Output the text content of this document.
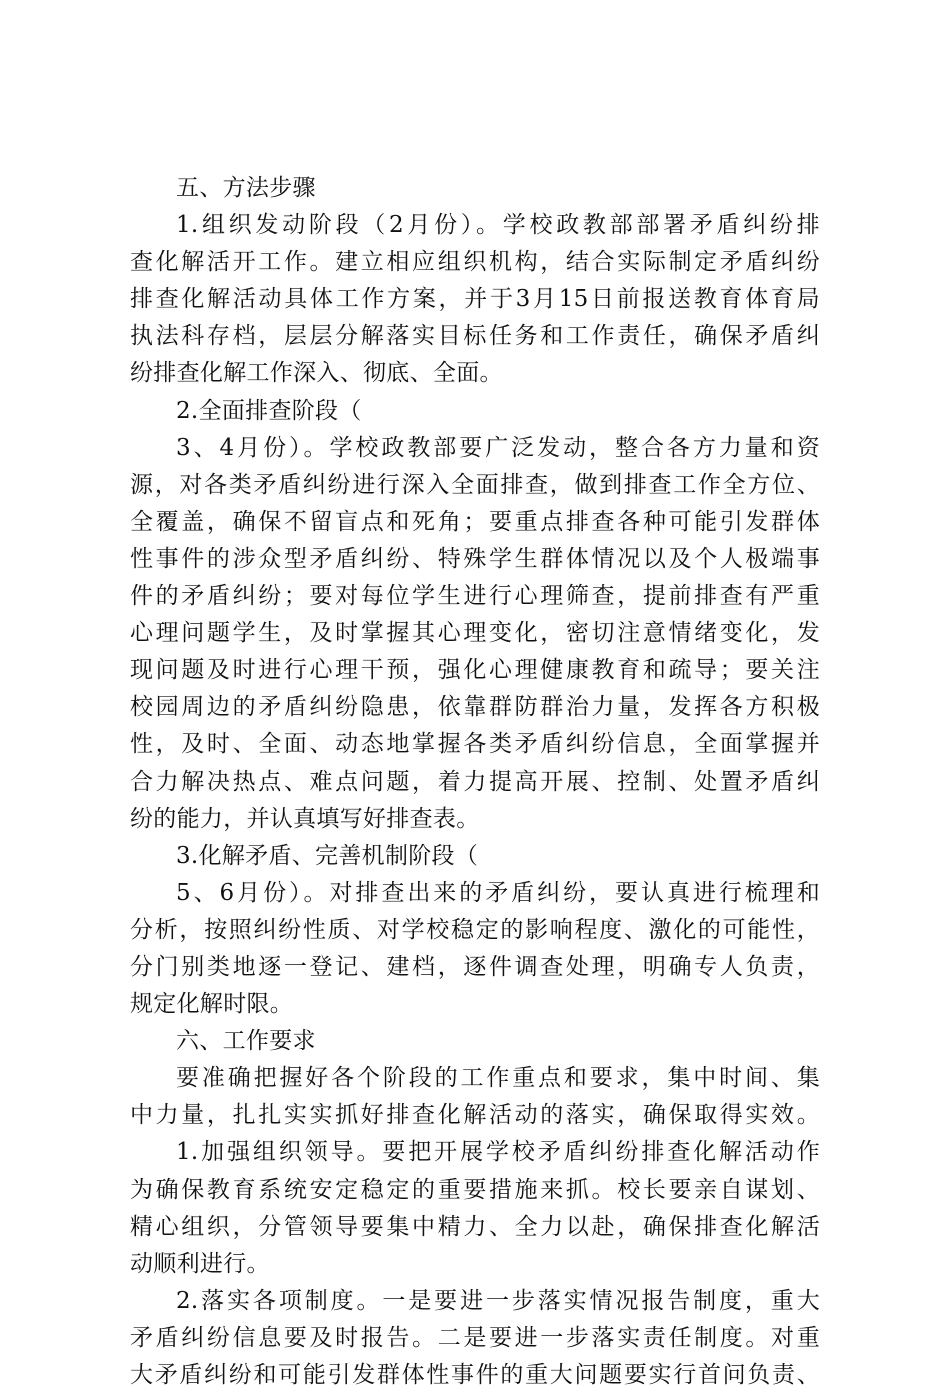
五、方法步骤
1.组织发动阶段（2月份）。学校政教部部署矛盾纠纷排
查化解活开工作。建立相应组织机构，结合实际制定矛盾纠纷
排查化解活动具体工作方案，并于3月15日前报送教育体育局
执法科存档，层层分解落实目标任务和工作责任，确保矛盾纠
纷排查化解工作深入、彻底、全面。
2.全面排查阶段（
3、4月份）。学校政教部要广泛发动，整合各方力量和资
源，对各类矛盾纠纷进行深入全面排查，做到排查工作全方位、
全覆盖，确保不留盲点和死角；要重点排查各种可能引发群体
性事件的涉众型矛盾纠纷、特殊学生群体情况以及个人极端事
件的矛盾纠纷；要对每位学生进行心理筛查，提前排查有严重
心理问题学生，及时掌握其心理变化，密切注意情绪变化，发
现问题及时进行心理干预，强化心理健康教育和疏导；要关注
校园周边的矛盾纠纷隐患，依靠群防群治力量，发挥各方积极
性，及时、全面、动态地掌握各类矛盾纠纷信息，全面掌握并
合力解决热点、难点问题，着力提高开展、控制、处置矛盾纠
纷的能力，并认真填写好排查表。
3.化解矛盾、完善机制阶段（
5、6月份）。对排查出来的矛盾纠纷，要认真进行梳理和
分析，按照纠纷性质、对学校稳定的影响程度、激化的可能性，
分门别类地逐一登记、建档，逐件调查处理，明确专人负责，
规定化解时限。
六、工作要求
要准确把握好各个阶段的工作重点和要求，集中时间、集
中力量，扎扎实实抓好排查化解活动的落实，确保取得实效。
1.加强组织领导。要把开展学校矛盾纠纷排查化解活动作
为确保教育系统安定稳定的重要措施来抓。校长要亲自谋划、
精心组织，分管领导要集中精力、全力以赴，确保排查化解活
动顺利进行。
2.落实各项制度。一是要进一步落实情况报告制度，重大
矛盾纠纷信息要及时报告。二是要进一步落实责任制度。对重
大矛盾纠纷和可能引发群体性事件的重大问题要实行首问负责、
